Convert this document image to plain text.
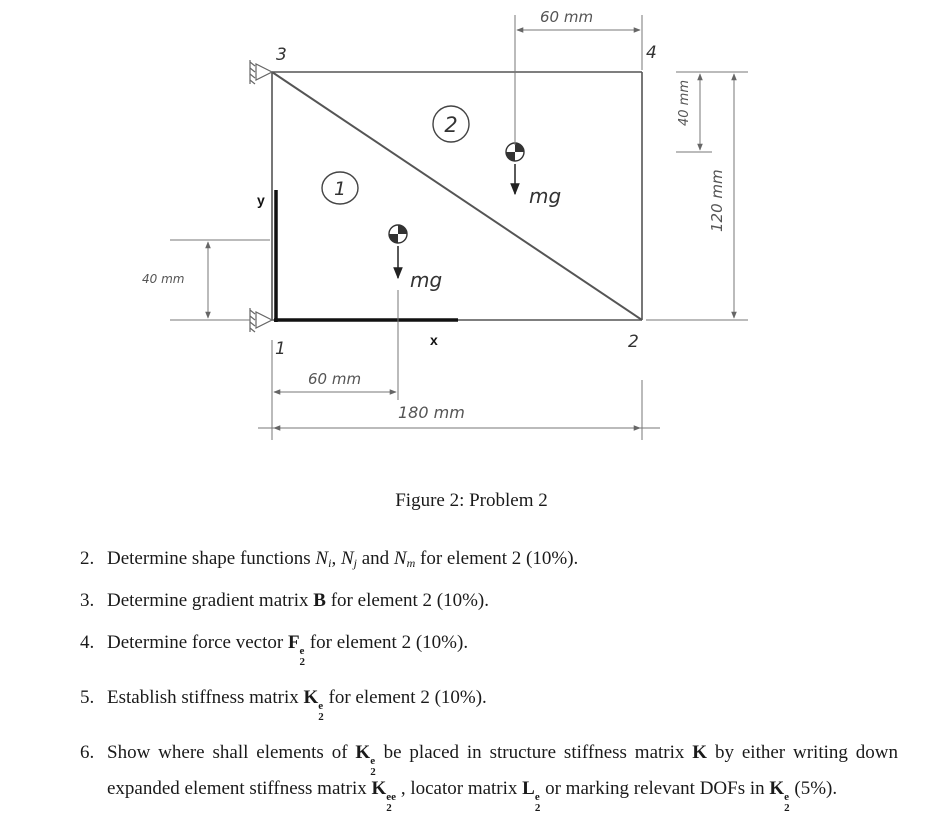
y
x
1	2
3	4
1
2
mg
mg
60 mm
40 mm
120 mm
40 mm
60 mm
180 mm
Figure 2: Problem 2
2. Determine shape functions $N_i$, $N_j$ and $N_m$ for element 2 (10%).
3. Determine gradient matrix B for element 2 (10%).
4. Determine force vector F e
2
for element 2 (10%).
5. Establish stiffness matrix K e
2
for element 2 (10%).
6. Show where shall elements of K e
2
be placed in structure stiffness matrix K by either writing down expanded element stiffness matrix K ee
2
, locator matrix L e
2
or marking relevant DOFs in K e
2
(5%).
